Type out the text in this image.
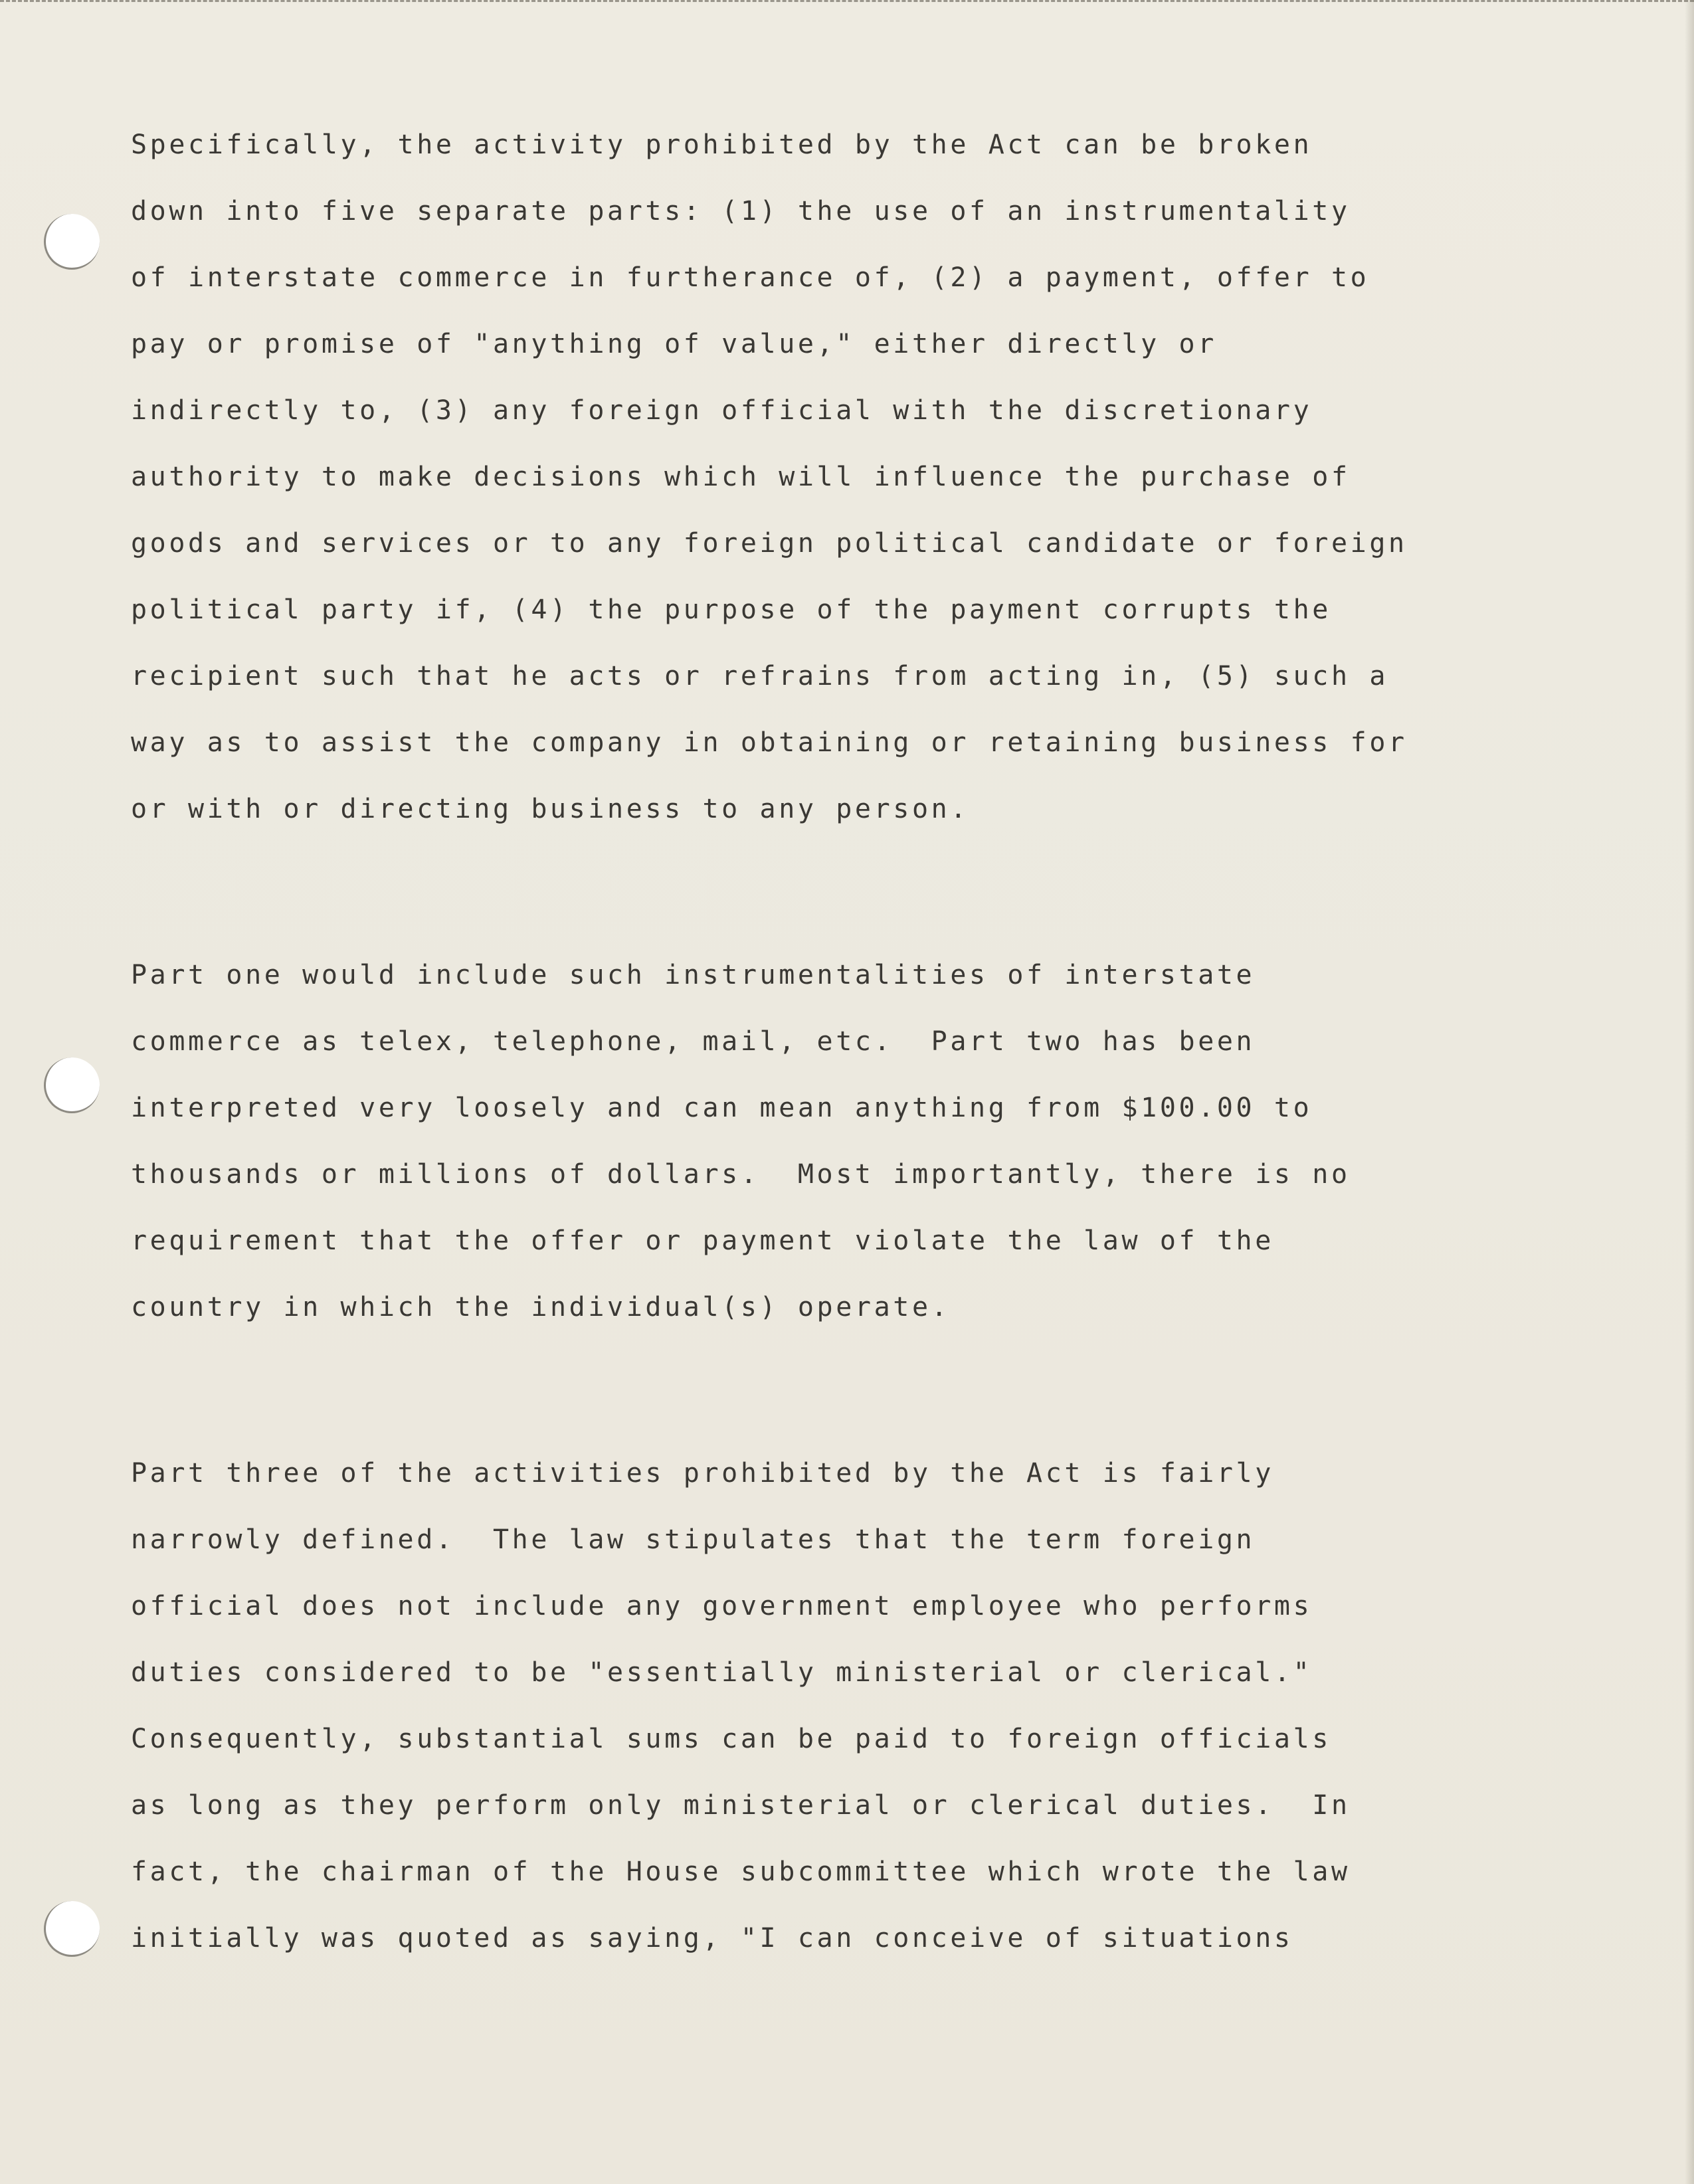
Specifically, the activity prohibited by the Act can be broken
down into five separate parts: (1) the use of an instrumentality
of interstate commerce in furtherance of, (2) a payment, offer to
pay or promise of "anything of value," either directly or
indirectly to, (3) any foreign official with the discretionary
authority to make decisions which will influence the purchase of
goods and services or to any foreign political candidate or foreign
political party if, (4) the purpose of the payment corrupts the
recipient such that he acts or refrains from acting in, (5) such a
way as to assist the company in obtaining or retaining business for
or with or directing business to any person.
Part one would include such instrumentalities of interstate
commerce as telex, telephone, mail, etc.  Part two has been
interpreted very loosely and can mean anything from $100.00 to
thousands or millions of dollars.  Most importantly, there is no
requirement that the offer or payment violate the law of the
country in which the individual(s) operate.
Part three of the activities prohibited by the Act is fairly
narrowly defined.  The law stipulates that the term foreign
official does not include any government employee who performs
duties considered to be "essentially ministerial or clerical."
Consequently, substantial sums can be paid to foreign officials
as long as they perform only ministerial or clerical duties.  In
fact, the chairman of the House subcommittee which wrote the law
initially was quoted as saying, "I can conceive of situations
